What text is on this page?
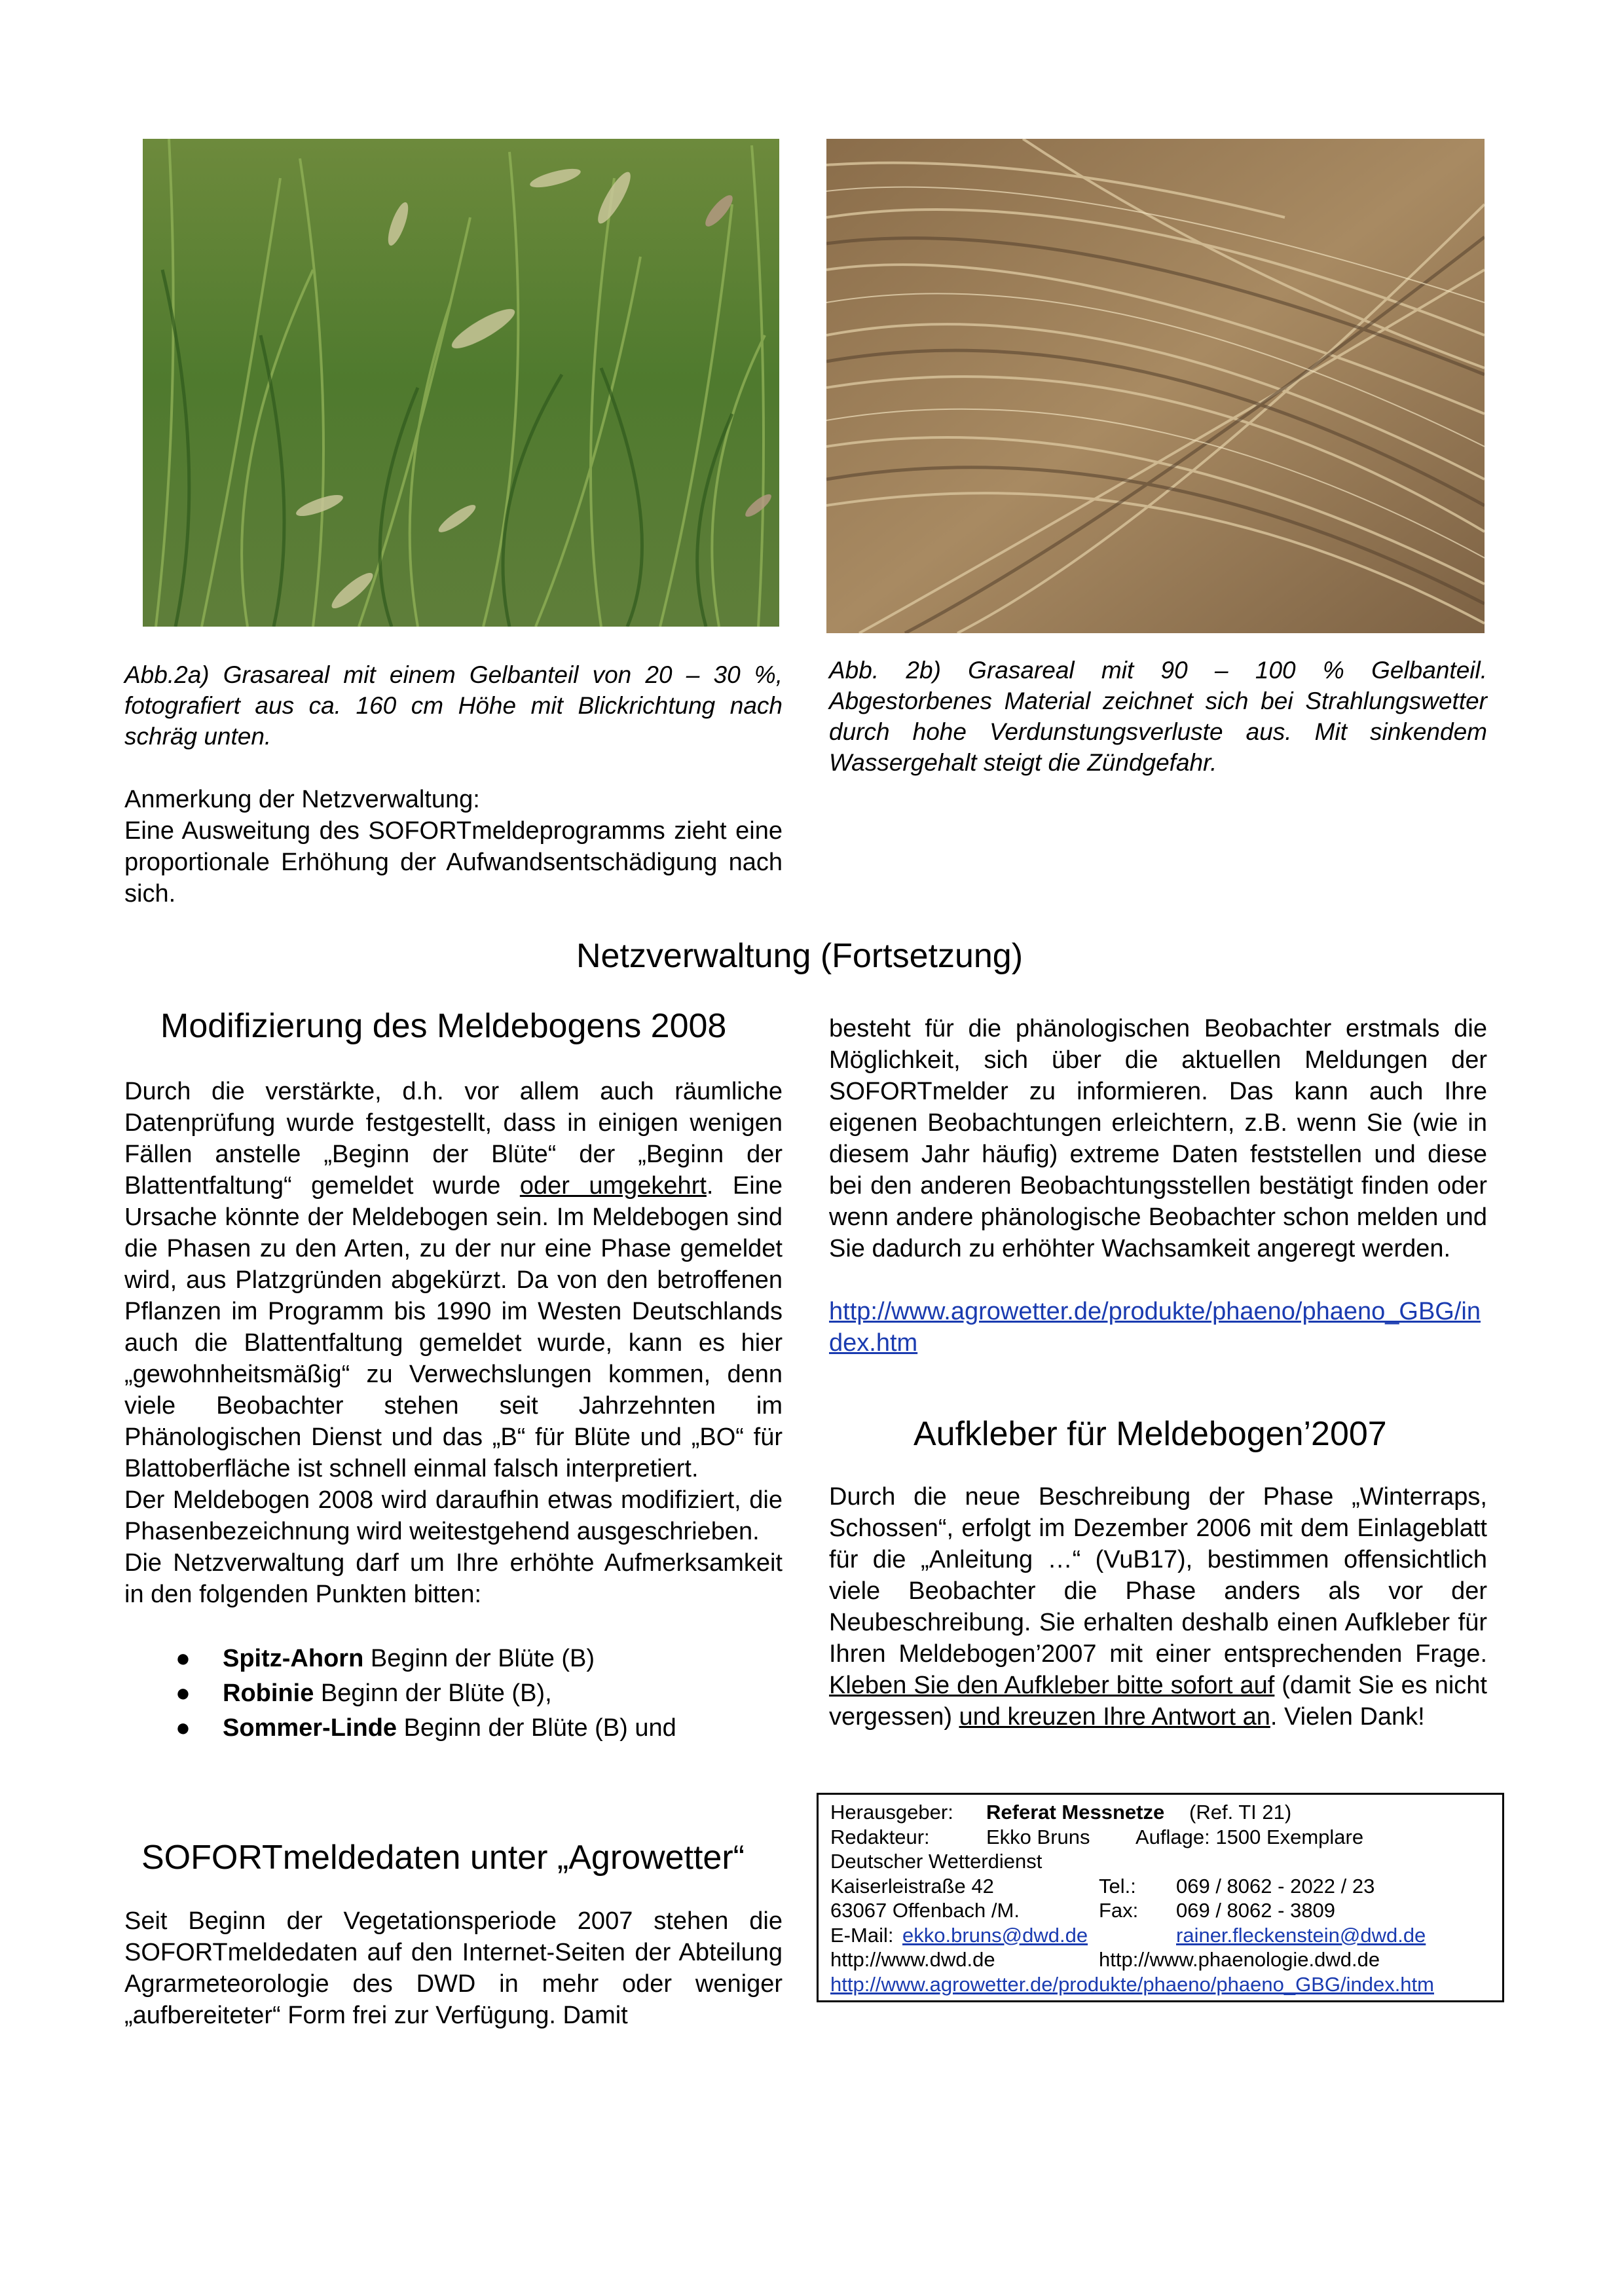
Abb.2a) Grasareal mit einem Gelbanteil von 20 – 30 %, fotografiert aus ca. 160 cm Höhe mit Blickrichtung nach schräg unten.

Abb. 2b) Grasareal mit 90 – 100 % Gelbanteil. Abgestorbenes Material zeichnet sich bei Strahlungswetter durch hohe Verdunstungsverluste aus. Mit sinkendem Wassergehalt steigt die Zündgefahr.

Anmerkung der Netzverwaltung:

Eine Ausweitung des SOFORTmeldeprogramms zieht eine proportionale Erhöhung der Aufwandsentschädigung nach sich.

Netzverwaltung (Fortsetzung)
Modifizierung des Meldebogens 2008

Durch die verstärkte, d.h. vor allem auch räumliche Datenprüfung wurde festgestellt, dass in einigen wenigen Fällen anstelle „Beginn der Blüte“ der „Beginn der Blattentfaltung“ gemeldet wurde oder umgekehrt. Eine Ursache könnte der Meldebogen sein. Im Meldebogen sind die Phasen zu den Arten, zu der nur eine Phase gemeldet wird, aus Platzgründen abgekürzt. Da von den betroffenen Pflanzen im Programm bis 1990 im Westen Deutschlands auch die Blattentfaltung gemeldet wurde, kann es hier „gewohnheitsmäßig“ zu Verwechslungen kommen, denn viele Beobachter stehen seit Jahrzehnten im Phänologischen Dienst und das „B“ für Blüte und „BO“ für Blattoberfläche ist schnell einmal falsch interpretiert.

Der Meldebogen 2008 wird daraufhin etwas modifiziert, die Phasenbezeichnung wird weitestgehend ausgeschrieben.

Die Netzverwaltung darf um Ihre erhöhte Aufmerksamkeit in den folgenden Punkten bitten:

● Spitz-Ahorn Beginn der Blüte (B)
● Robinie Beginn der Blüte (B),
● Sommer-Linde Beginn der Blüte (B) und
SOFORTmeldedaten unter „Agrowetter“

Seit Beginn der Vegetationsperiode 2007 stehen die SOFORTmeldedaten auf den Internet-Seiten der Abteilung Agrarmeteorologie des DWD in mehr oder weniger „aufbereiteter“ Form frei zur Verfügung. Damit

besteht für die phänologischen Beobachter erstmals die Möglichkeit, sich über die aktuellen Meldungen der SOFORTmelder zu informieren. Das kann auch Ihre eigenen Beobachtungen erleichtern, z.B. wenn Sie (wie in diesem Jahr häufig) extreme Daten feststellen und diese bei den anderen Beobachtungsstellen bestätigt finden oder wenn andere phänologische Beobachter schon melden und Sie dadurch zu erhöhter Wachsamkeit angeregt werden.

http://www.agrowetter.de/produkte/phaeno/phaeno_GBG/index.htm

Aufkleber für Meldebogen’2007

Durch die neue Beschreibung der Phase „Winterraps, Schossen“, erfolgt im Dezember 2006 mit dem Einlageblatt für die „Anleitung …“ (VuB17), bestimmen offensichtlich viele Beobachter die Phase anders als vor der Neubeschreibung. Sie erhalten deshalb einen Aufkleber für Ihren Meldebogen’2007 mit einer entsprechenden Frage. Kleben Sie den Aufkleber bitte sofort auf (damit Sie es nicht vergessen) und kreuzen Ihre Antwort an. Vielen Dank!

Herausgeber: Referat Messnetze (Ref. TI 21)
Redakteur:	Ekko Bruns Auflage: 1500 Exemplare
Deutscher Wetterdienst
Kaiserleistraße 42	Tel.: 069 / 8062 - 2022 / 23
63067 Offenbach /M.	Fax: 069 / 8062 - 3809
E-Mail: ekko.bruns@dwd.de	rainer.fleckenstein@dwd.de
http://www.dwd.de	http://www.phaenologie.dwd.de
http://www.agrowetter.de/produkte/phaeno/phaeno_GBG/index.htm
